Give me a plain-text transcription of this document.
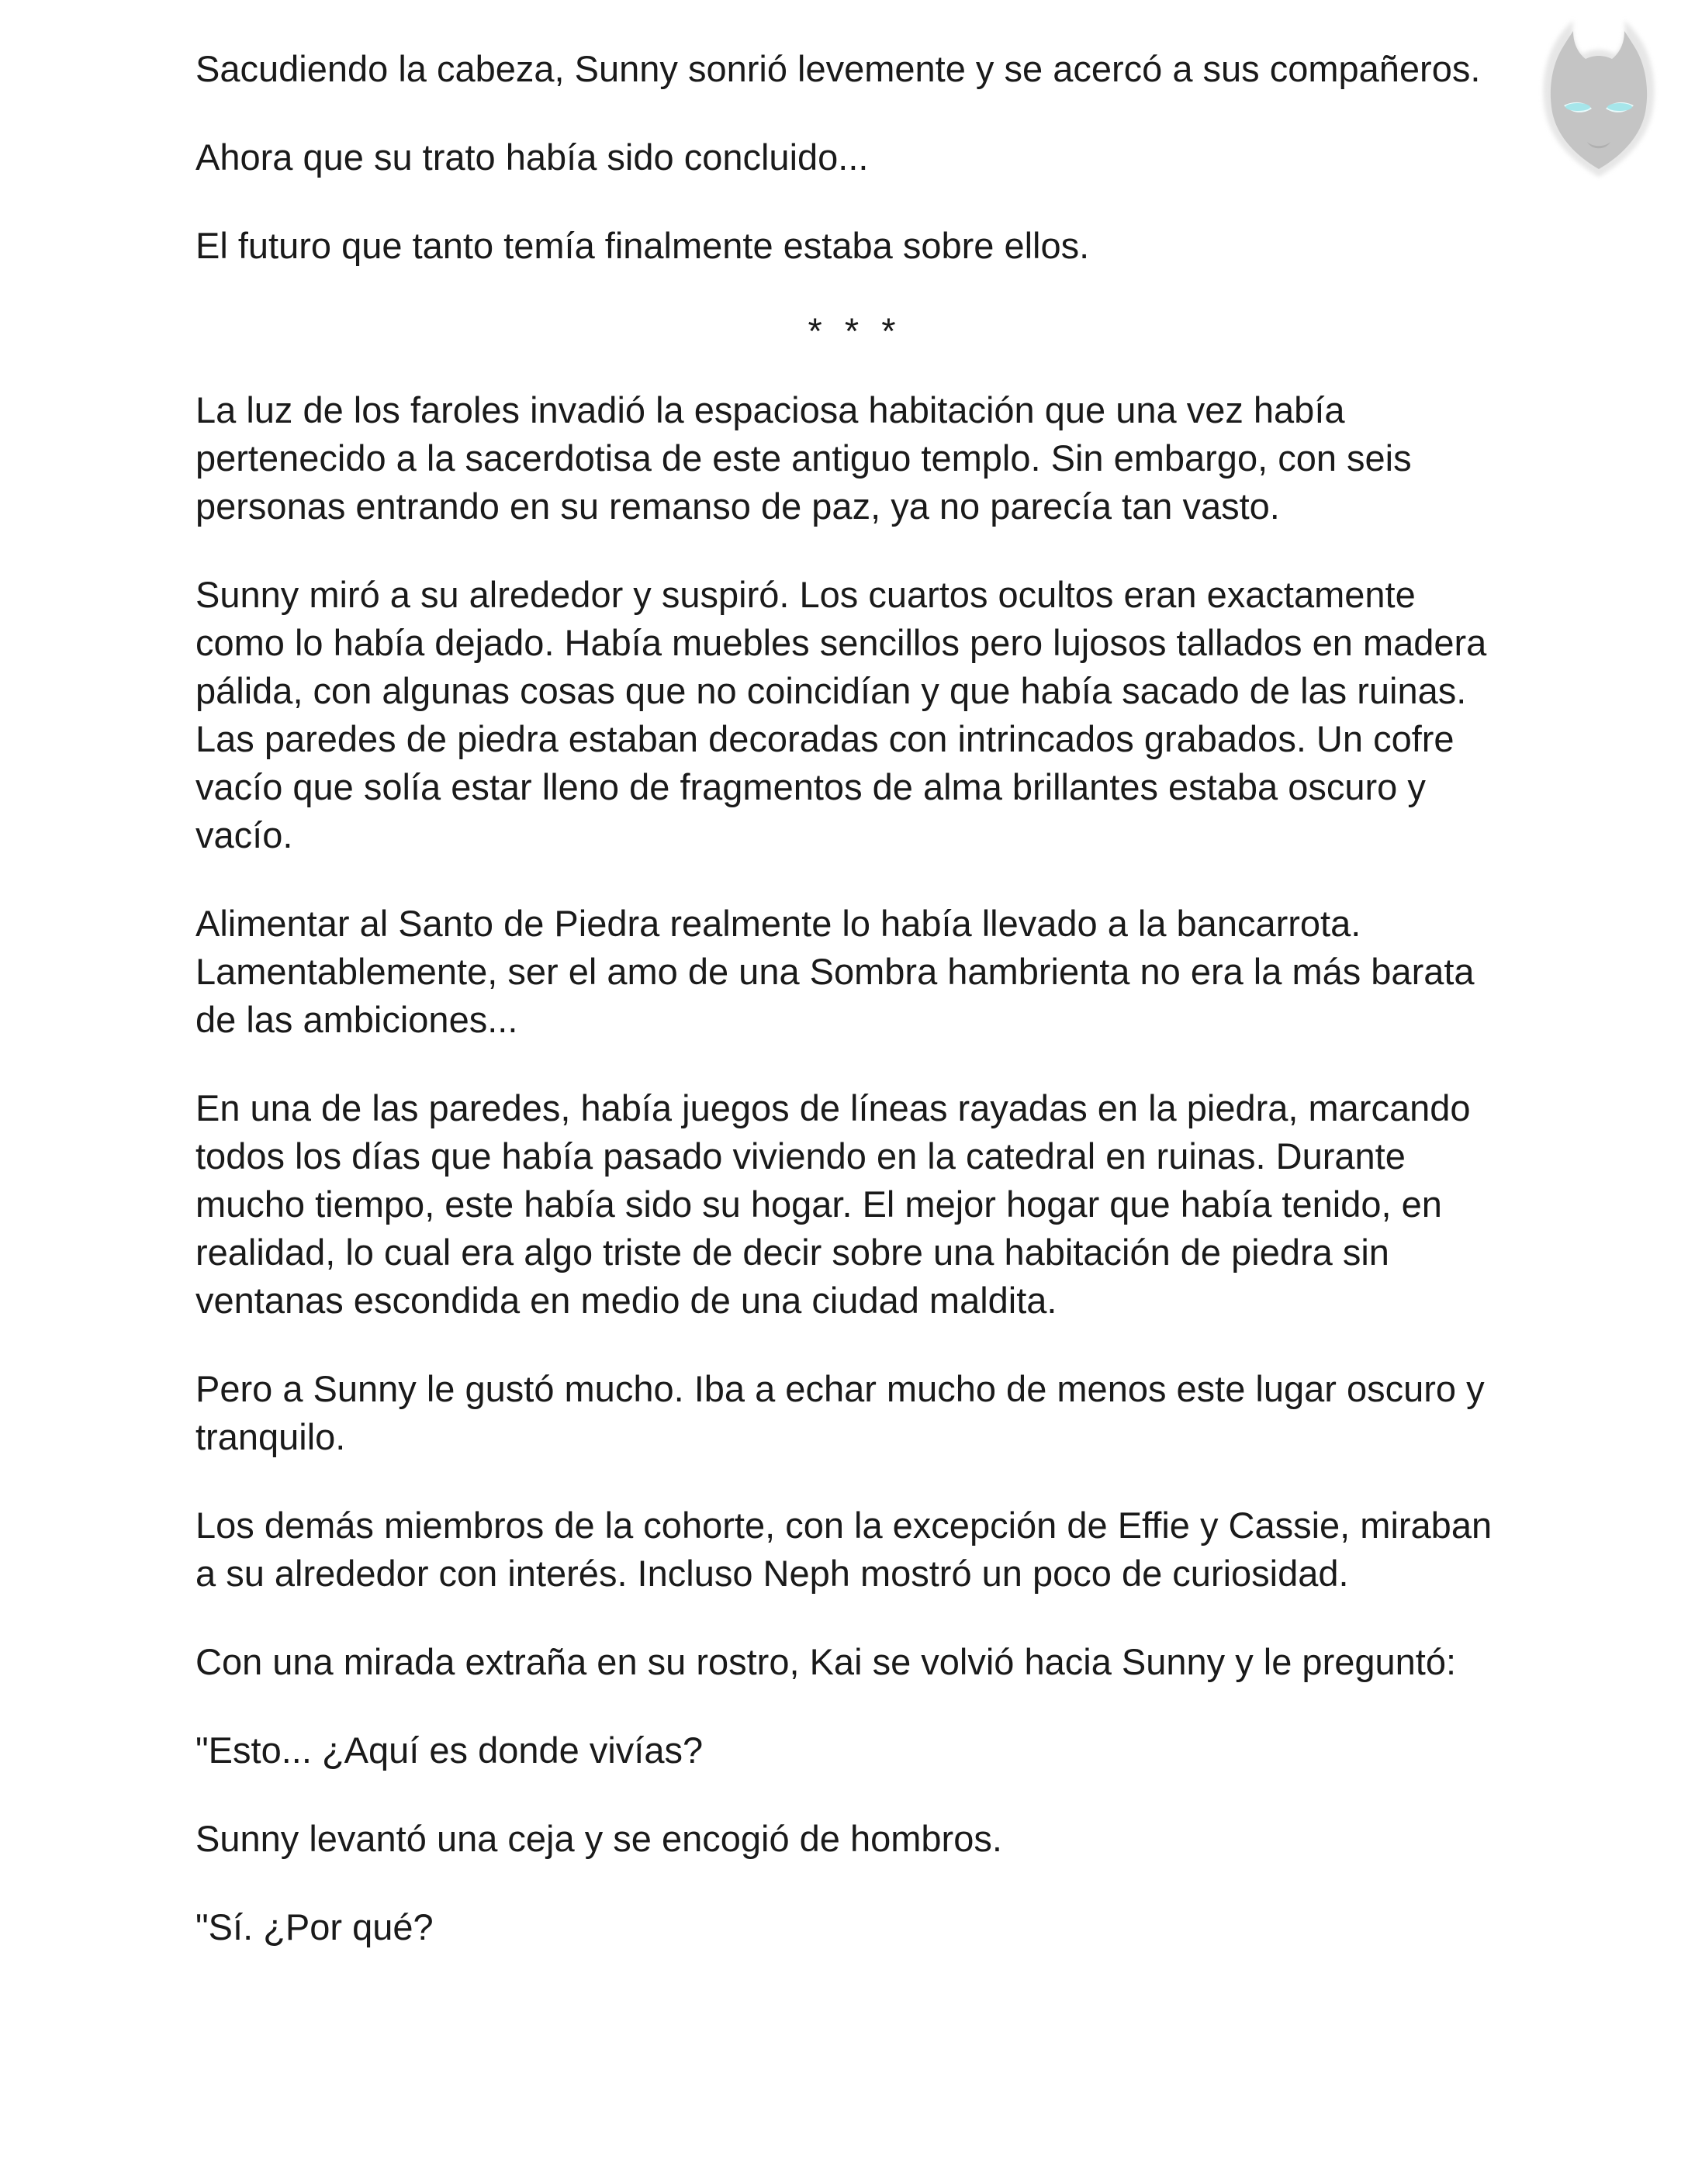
Sacudiendo la cabeza, Sunny sonrió levemente y se acercó a sus compañeros.

Ahora que su trato había sido concluido...

El futuro que tanto temía finalmente estaba sobre ellos.

* * *

La luz de los faroles invadió la espaciosa habitación que una vez había pertenecido a la sacerdotisa de este antiguo templo. Sin embargo, con seis personas entrando en su remanso de paz, ya no parecía tan vasto.

Sunny miró a su alrededor y suspiró. Los cuartos ocultos eran exactamente como lo había dejado. Había muebles sencillos pero lujosos tallados en madera pálida, con algunas cosas que no coincidían y que había sacado de las ruinas. Las paredes de piedra estaban decoradas con intrincados grabados. Un cofre vacío que solía estar lleno de fragmentos de alma brillantes estaba oscuro y vacío.

Alimentar al Santo de Piedra realmente lo había llevado a la bancarrota. Lamentablemente, ser el amo de una Sombra hambrienta no era la más barata de las ambiciones...

En una de las paredes, había juegos de líneas rayadas en la piedra, marcando todos los días que había pasado viviendo en la catedral en ruinas. Durante mucho tiempo, este había sido su hogar. El mejor hogar que había tenido, en realidad, lo cual era algo triste de decir sobre una habitación de piedra sin ventanas escondida en medio de una ciudad maldita.

Pero a Sunny le gustó mucho. Iba a echar mucho de menos este lugar oscuro y tranquilo.

Los demás miembros de la cohorte, con la excepción de Effie y Cassie, miraban a su alrededor con interés. Incluso Neph mostró un poco de curiosidad.

Con una mirada extraña en su rostro, Kai se volvió hacia Sunny y le preguntó:

"Esto... ¿Aquí es donde vivías?

Sunny levantó una ceja y se encogió de hombros.

"Sí. ¿Por qué?
